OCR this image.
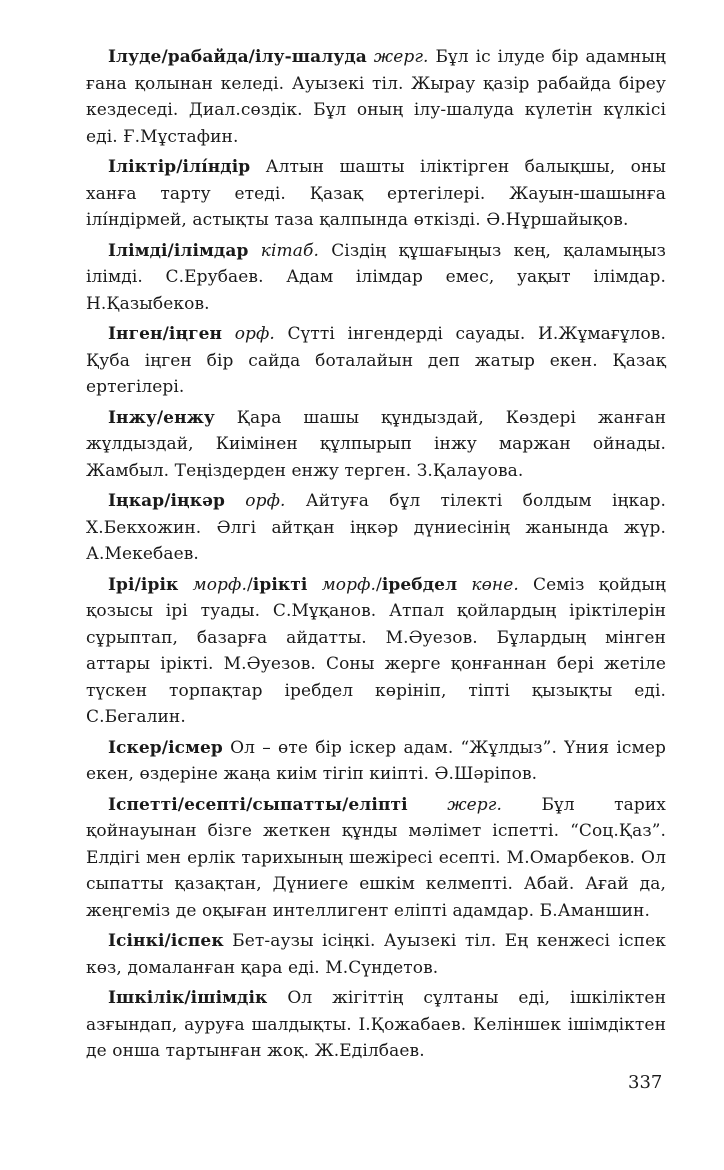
Ілуде/рабайда/ілу-шалуда жерг. Бұл іс ілуде бір адамның ғана қолынан келеді. Ауызекі тіл. Жырау қазір рабайда біреу кездеседі. Диал.сөздік. Бұл оның ілу-шалуда күлетін күлкісі еді. Ғ.Мұстафин.

Іліктір/ілíндір Алтын шашты іліктірген балықшы, оны ханға тарту етеді. Қазақ ертегілері. Жауын-шашынға ілíндірмей, астықты таза қалпында өткізді. Ә.Нұршайықов.

Ілімді/ілімдар кітаб. Сіздің құшағыңыз кең, қаламыңыз ілімді. С.Ерубаев. Адам ілімдар емес, уақыт ілімдар. Н.Қазыбеков.

Інген/іңген орф. Сүтті інгендерді сауады. И.Жұмағұлов. Қуба іңген бір сайда боталайын деп жатыр екен. Қазақ ертегілері.

Інжу/енжу Қара шашы құндыздай, Көздері жанған жұлдыздай, Киімінен құлпырып інжу маржан ойнады. Жамбыл. Теңіздерден енжу терген. З.Қалауова.

Іңкар/іңкәр орф. Айтуға бұл тілекті болдым іңкар. Х.Бекхожин. Әлгі айтқан іңкәр дүниесінің жанында жүр. А.Мекебаев.

Ірі/ірік морф./ірікті морф./іребдел көне. Семіз қойдың қозысы ірі туады. С.Мұқанов. Атпал қойлардың іріктілерін сұрыптап, базарға айдатты. М.Әуезов. Бұлардың мінген аттары ірікті. М.Әуезов. Соны жерге қонғаннан бері жетіле түскен торпақтар іребдел көрініп, тіпті қызықты еді. С.Бегалин.

Іскер/ісмер Ол – өте бір іскер адам. “Жұлдыз”. Үния ісмер екен, өздеріне жаңа киім тігіп киіпті. Ә.Шәріпов.

Іспетті/есепті/сыпатты/еліпті жерг. Бұл тарих қойнауынан бізге жеткен құнды мәлімет іспетті. “Соц.Қаз”. Елдігі мен ерлік тарихының шежіресі есепті. М.Омарбеков. Ол сыпатты қазақтан, Дүниеге ешкім келмепті. Абай. Ағай да, жеңгеміз де оқыған интеллигент еліпті адамдар. Б.Аманшин.

Ісінкі/іспек Бет-аузы ісіңкі. Ауызекі тіл. Ең кенжесі іспек көз, домаланған қара еді. М.Сүндетов.

Ішкілік/ішімдік Ол жігіттің сұлтаны еді, ішкіліктен азғындап, ауруға шалдықты. І.Қожабаев. Келіншек ішімдіктен де онша тартынған жоқ. Ж.Еділбаев.

337
